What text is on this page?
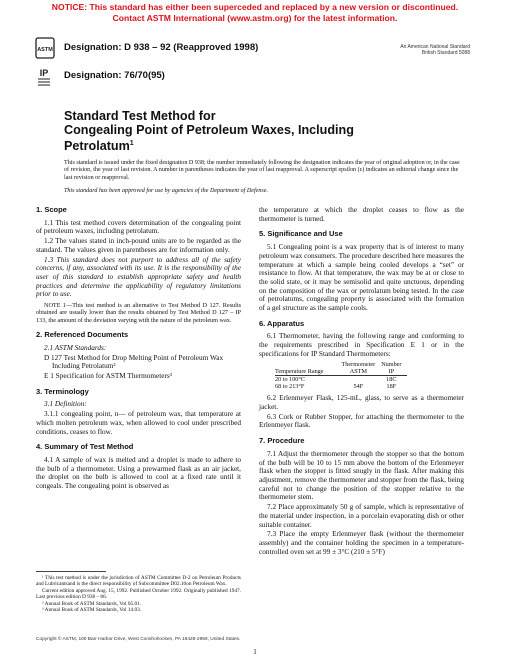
NOTICE: This standard has either been superceded and replaced by a new version or discontinued.
Contact ASTM International (www.astm.org) for the latest information.
ASTM
IP
Designation: D 938 – 92 (Reapproved 1998)
Designation: 76/70(95)
An American National Standard
British Standard 5088
Standard Test Method for
Congealing Point of Petroleum Waxes, Including
Petrolatum$^1$

This standard is issued under the fixed designation D 938; the number immediately following the designation indicates the year of original adoption or, in the case of revision, the year of last revision. A number in parentheses indicates the year of last reapproval. A superscript epsilon (ε) indicates an editorial change since the last revision or reapproval.

This standard has been approved for use by agencies of the Department of Defense.

1. Scope

1.1 This test method covers determination of the congealing point of petroleum waxes, including petrolatum.

1.2 The values stated in inch-pound units are to be regarded as the standard. The values given in parentheses are for information only.

1.3 This standard does not purport to address all of the safety concerns, if any, associated with its use. It is the responsibility of the user of this standard to establish appropriate safety and health practices and determine the applicability of regulatory limitations prior to use.

NOTE 1—This test method is an alternative to Test Method D 127. Results obtained are usually lower than the results obtained by Test Method D 127 – IP 133, the amount of the deviation varying with the nature of the petroleum wax.
2. Referenced Documents

2.1 ASTM Standards:

D 127 Test Method for Drop Melting Point of Petroleum Wax Including Petrolatum²

E 1 Specification for ASTM Thermometers³

3. Terminology

3.1 Definition:

3.1.1 congealing point, n— of petroleum wax, that temperature at which molten petroleum wax, when allowed to cool under prescribed conditions, ceases to flow.

4. Summary of Test Method

4.1 A sample of wax is melted and a droplet is made to adhere to the bulb of a thermometer. Using a prewarmed flask as an air jacket, the droplet on the bulb is allowed to cool at a fixed rate until it congeals. The congealing point is observed as

the temperature at which the droplet ceases to flow as the thermometer is turned.

5. Significance and Use

5.1 Congealing point is a wax property that is of interest to many petroleum wax consumers. The procedure described here measures the temperature at which a sample being cooled develops a “set” or resistance to flow. At that temperature, the wax may be at or close to the solid state, or it may be semisolid and quite unctuous, depending on the composition of the wax or petrolatum being tested. In the case of petrolatums, congealing property is associated with the formation of a gel structure as the sample cools.

6. Apparatus

6.1 Thermometer, having the following range and conforming to the requirements prescribed in Specification E 1 or in the specifications for IP Standard Thermometers:

	Thermometer	Number
Temperature Range	ASTM	IP
20 to 100°C		18C
68 to 213°F	54F	18F

6.2 Erlenmeyer Flask, 125-mL, glass, to serve as a thermometer jacket.

6.3 Cork or Rubber Stopper, for attaching the thermometer to the Erlenmeyer flask.

7. Procedure

7.1 Adjust the thermometer through the stopper so that the bottom of the bulb will be 10 to 15 mm above the bottom of the Erlenmeyer flask when the stopper is fitted snugly in the flask. After making this adjustment, remove the thermometer and stopper from the flask, being careful not to change the position of the stopper relative to the thermometer stem.

7.2 Place approximately 50 g of sample, which is representative of the material under inspection, in a porcelain evaporating dish or other suitable container.

7.3 Place the empty Erlenmeyer flask (without the thermometer assembly) and the container holding the specimen in a temperature-controlled oven set at 99 ± 3°C (210 ± 5°F)

¹ This test method is under the jurisdiction of ASTM Committee D-2 on Petroleum Products and Lubricantsand is the direct responsibility of Subcommittee D02.10on Petroleum Wax.

Current edition approved Aug. 15, 1992. Published October 1992. Originally published 1947. Last previous edition D 938 – 86.

² Annual Book of ASTM Standards, Vol 05.01.

³ Annual Book of ASTM Standards, Vol 14.03.

Copyright © ASTM, 100 Barr Harbor Drive, West Conshohocken, PA 19428-2959, United States.
1
